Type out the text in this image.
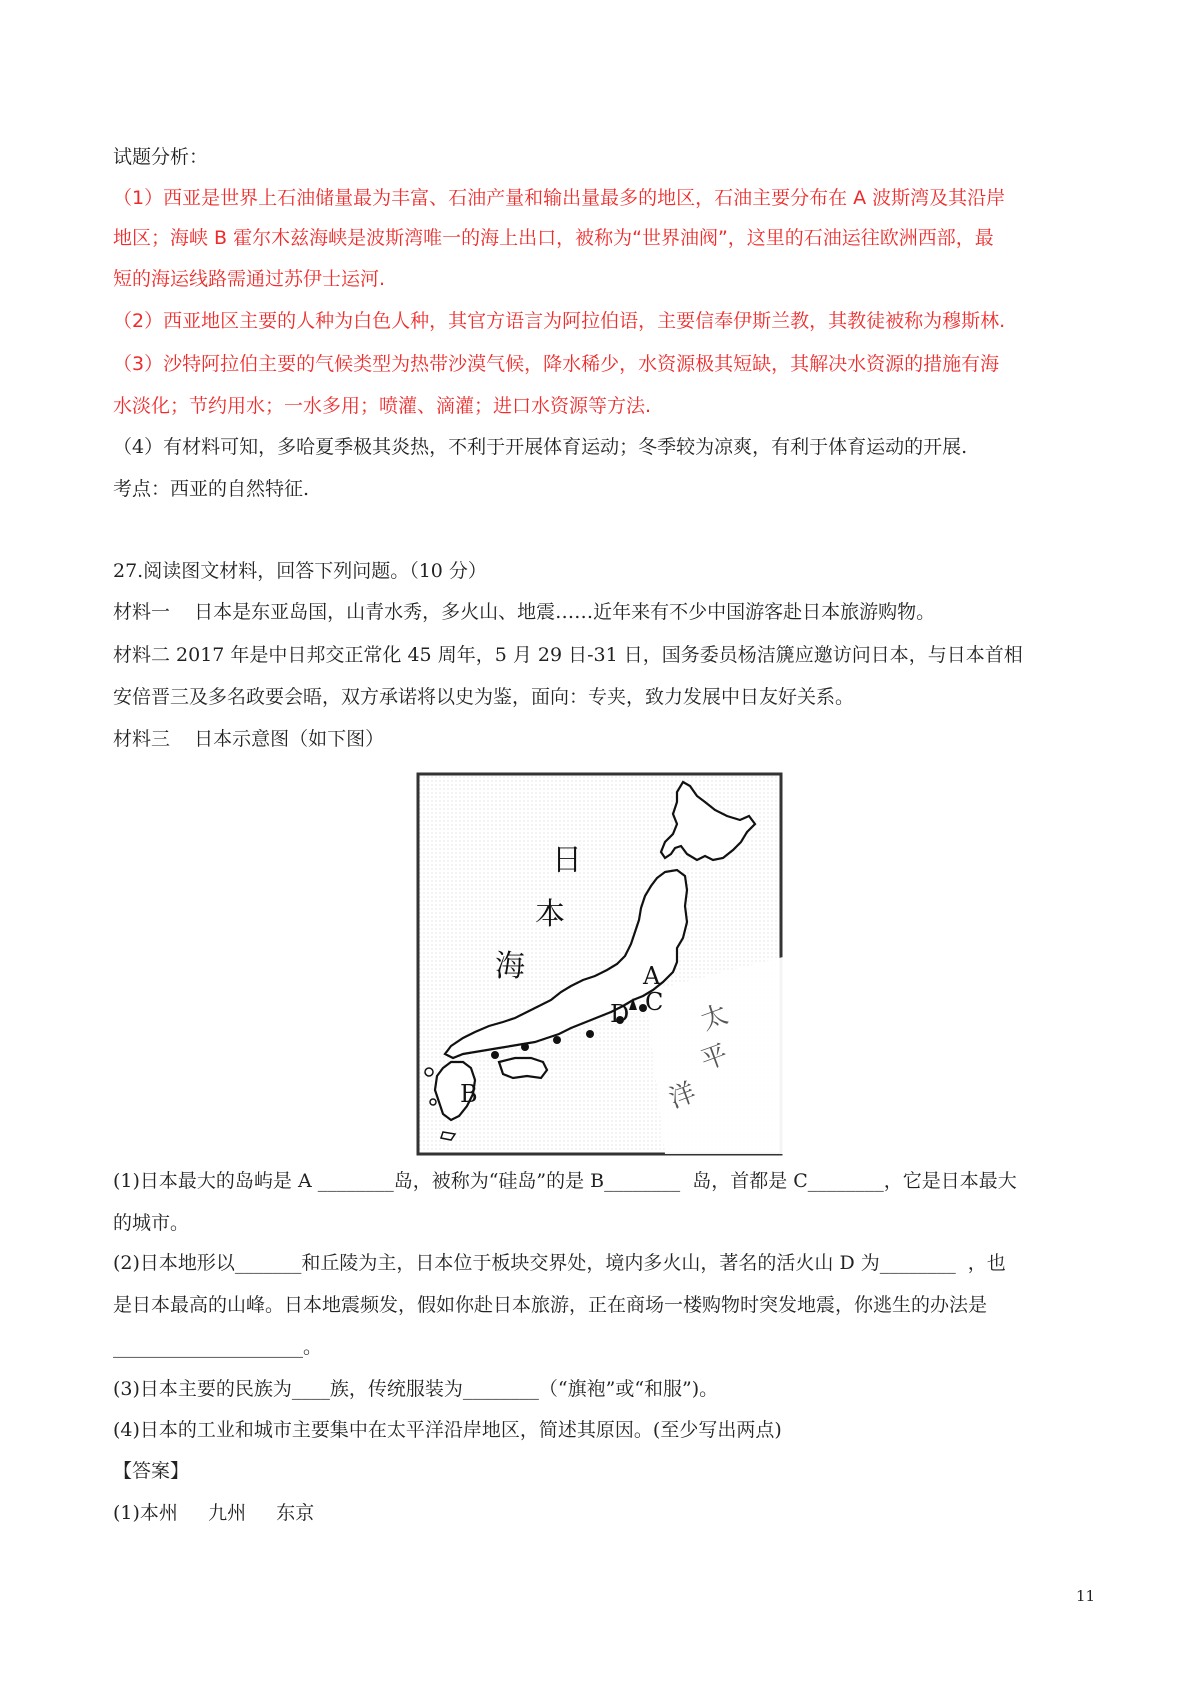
试题分析：
（1）西亚是世界上石油储量最为丰富、石油产量和输出量最多的地区，石油主要分布在 A 波斯湾及其沿岸
地区；海峡 B 霍尔木兹海峡是波斯湾唯一的海上出口，被称为“世界油阀”，这里的石油运往欧洲西部，最
短的海运线路需通过苏伊士运河.
（2）西亚地区主要的人种为白色人种，其官方语言为阿拉伯语，主要信奉伊斯兰教，其教徒被称为穆斯林.
（3）沙特阿拉伯主要的气候类型为热带沙漠气候，降水稀少，水资源极其短缺，其解决水资源的措施有海
水淡化；节约用水；一水多用；喷灌、滴灌；进口水资源等方法.
（4）有材料可知，多哈夏季极其炎热，不利于开展体育运动；冬季较为凉爽，有利于体育运动的开展.
考点：西亚的自然特征.
27.阅读图文材料，回答下列问题。（10 分）
材料一    日本是东亚岛国，山青水秀，多火山、地震……近年来有不少中国游客赴日本旅游购物。
材料二 2017 年是中日邦交正常化 45 周年，5 月 29 日-31 日，国务委员杨洁篪应邀访问日本，与日本首相
安倍晋三及多名政要会晤，双方承诺将以史为鉴，面向：专夹，致力发展中日友好关系。
材料三    日本示意图（如下图）
日
本
海
太
平
洋
A
B
C
D
(1)日本最大的岛屿是 A ________岛，被称为“硅岛”的是 B________  岛，首都是 C________，它是日本最大
的城市。
(2)日本地形以_______和丘陵为主，日本位于板块交界处，境内多火山，著名的活火山 D 为________  ，也
是日本最高的山峰。日本地震频发，假如你赴日本旅游，正在商场一楼购物时突发地震，你逃生的办法是
____________________。
(3)日本主要的民族为____族，传统服装为________（“旗袍”或“和服”)。
(4)日本的工业和城市主要集中在太平洋沿岸地区，简述其原因。(至少写出两点)
【答案】
(1)本州     九州     东京
11
